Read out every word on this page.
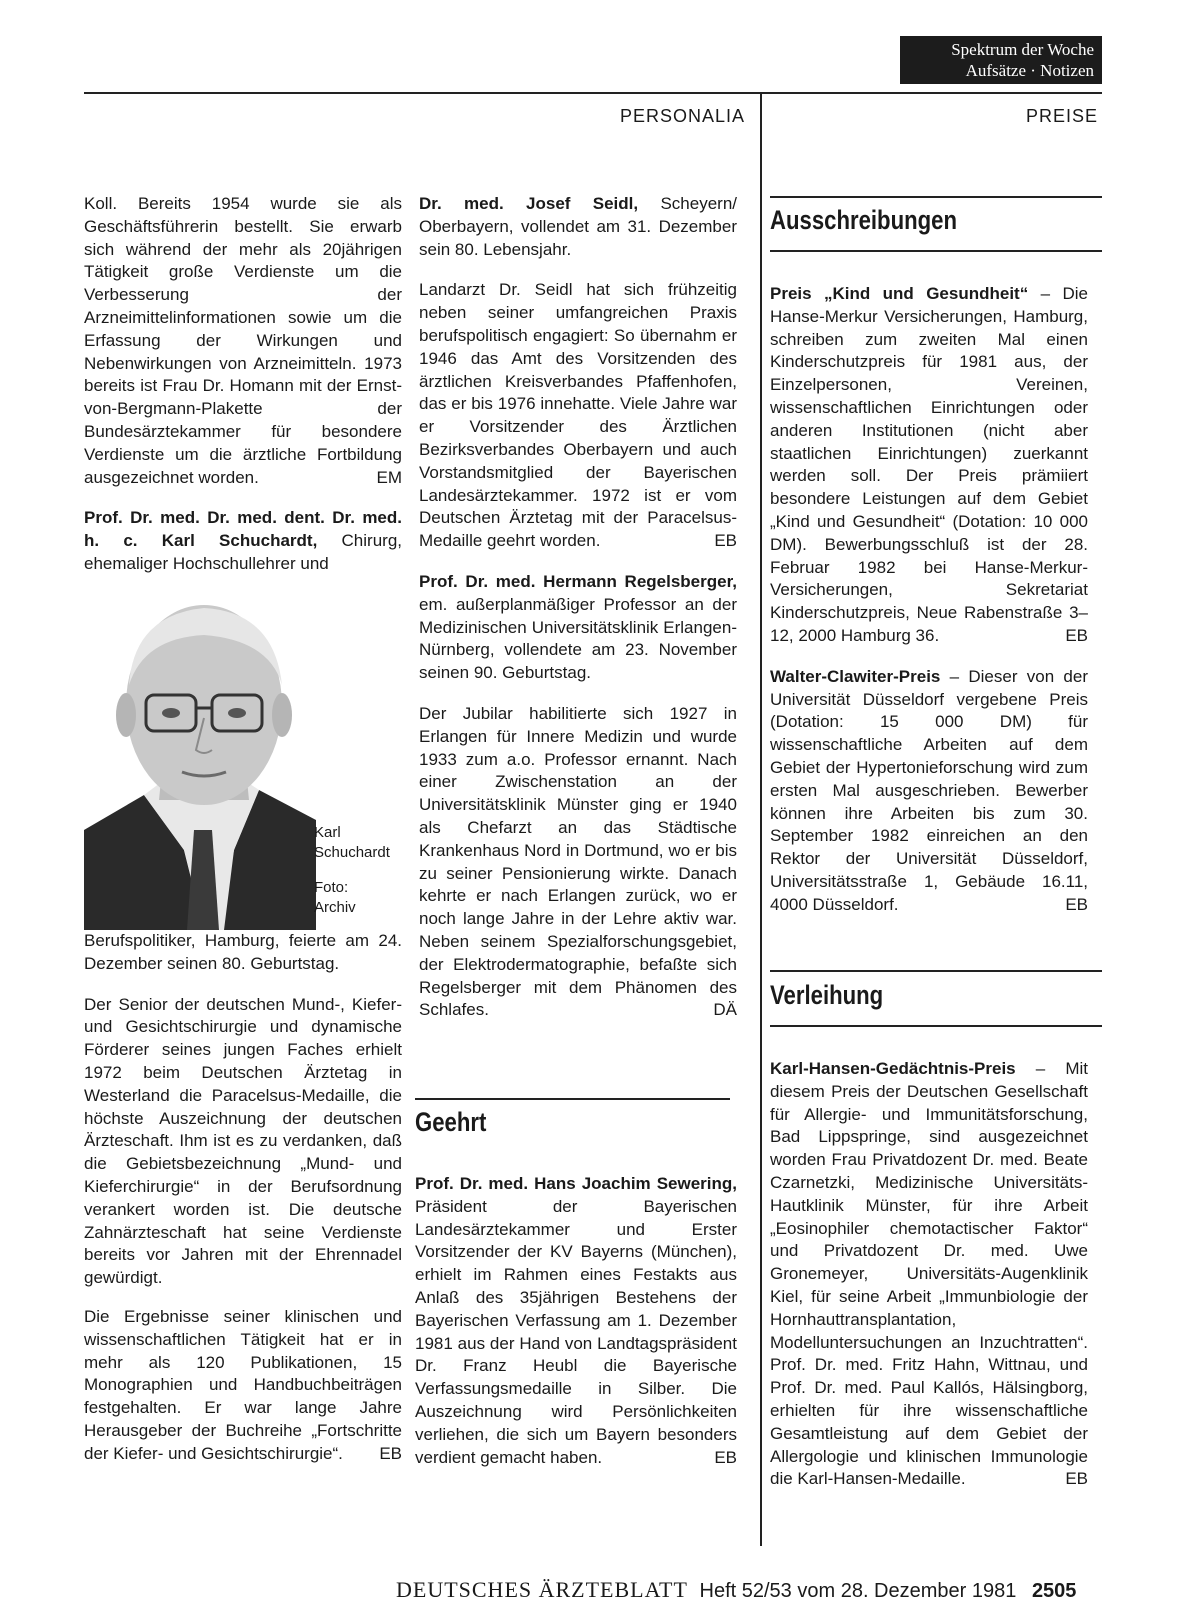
Spektrum der Woche
Aufsätze · Notizen
PERSONALIA	PREISE

Koll. Bereits 1954 wurde sie als Geschäftsführerin bestellt. Sie erwarb sich während der mehr als 20jährigen Tätigkeit große Verdienste um die Verbesserung der Arzneimittelinformationen sowie um die Erfassung der Wirkungen und Nebenwirkungen von Arzneimitteln. 1973 bereits ist Frau Dr. Homann mit der Ernst-von-Bergmann-Plakette der Bundesärztekammer für besondere Verdienste um die ärztliche Fortbildung ausgezeichnet worden.	EM

Prof. Dr. med. Dr. med. dent. Dr. med. h. c. Karl Schuchardt, Chirurg, ehemaliger Hochschullehrer und

Karl Schuchardt
Foto: Archiv

Berufspolitiker, Hamburg, feierte am 24. Dezember seinen 80. Geburtstag.

Der Senior der deutschen Mund-, Kiefer- und Gesichtschirurgie und dynamische Förderer seines jungen Faches erhielt 1972 beim Deutschen Ärztetag in Westerland die Paracelsus-Medaille, die höchste Auszeichnung der deutschen Ärzteschaft. Ihm ist es zu verdanken, daß die Gebietsbezeichnung „Mund- und Kieferchirurgie“ in der Berufsordnung verankert worden ist. Die deutsche Zahnärzteschaft hat seine Verdienste bereits vor Jahren mit der Ehrennadel gewürdigt.

Die Ergebnisse seiner klinischen und wissenschaftlichen Tätigkeit hat er in mehr als 120 Publikationen, 15 Monographien und Handbuchbeiträgen festgehalten. Er war lange Jahre Herausgeber der Buchreihe „Fortschritte der Kiefer- und Gesichtschirurgie“. EB

Dr. med. Josef Seidl, Scheyern/ Oberbayern, vollendet am 31. Dezember sein 80. Lebensjahr.

Landarzt Dr. Seidl hat sich frühzeitig neben seiner umfangreichen Praxis berufspolitisch engagiert: So übernahm er 1946 das Amt des Vorsitzenden des ärztlichen Kreisverbandes Pfaffenhofen, das er bis 1976 innehatte. Viele Jahre war er Vorsitzender des Ärztlichen Bezirksverbandes Oberbayern und auch Vorstandsmitglied der Bayerischen Landesärztekammer. 1972 ist er vom Deutschen Ärztetag mit der Paracelsus-Medaille geehrt worden.	EB

Prof. Dr. med. Hermann Regelsberger, em. außerplanmäßiger Professor an der Medizinischen Universitätsklinik Erlangen-Nürnberg, vollendete am 23. November seinen 90. Geburtstag.

Der Jubilar habilitierte sich 1927 in Erlangen für Innere Medizin und wurde 1933 zum a.o. Professor ernannt. Nach einer Zwischenstation an der Universitätsklinik Münster ging er 1940 als Chefarzt an das Städtische Krankenhaus Nord in Dortmund, wo er bis zu seiner Pensionierung wirkte. Danach kehrte er nach Erlangen zurück, wo er noch lange Jahre in der Lehre aktiv war. Neben seinem Spezialforschungsgebiet, der Elektrodermatographie, befaßte sich Regelsberger mit dem Phänomen des Schlafes.	DÄ

Geehrt

Prof. Dr. med. Hans Joachim Sewering, Präsident der Bayerischen Landesärztekammer und Erster Vorsitzender der KV Bayerns (München), erhielt im Rahmen eines Festakts aus Anlaß des 35jährigen Bestehens der Bayerischen Verfassung am 1. Dezember 1981 aus der Hand von Landtagspräsident Dr. Franz Heubl die Bayerische Verfassungsmedaille in Silber. Die Auszeichnung wird Persönlichkeiten verliehen, die sich um Bayern besonders verdient gemacht haben.	EB

Ausschreibungen

Preis „Kind und Gesundheit“ – Die Hanse-Merkur Versicherungen, Hamburg, schreiben zum zweiten Mal einen Kinderschutzpreis für 1981 aus, der Einzelpersonen, Vereinen, wissenschaftlichen Einrichtungen oder anderen Institutionen (nicht aber staatlichen Einrichtungen) zuerkannt werden soll. Der Preis prämiiert besondere Leistungen auf dem Gebiet „Kind und Gesundheit“ (Dotation: 10 000 DM). Bewerbungsschluß ist der 28. Februar 1982 bei Hanse-Merkur-Versicherungen, Sekretariat Kinderschutzpreis, Neue Rabenstraße 3–12, 2000 Hamburg 36.	EB

Walter-Clawiter-Preis – Dieser von der Universität Düsseldorf vergebene Preis (Dotation: 15 000 DM) für wissenschaftliche Arbeiten auf dem Gebiet der Hypertonieforschung wird zum ersten Mal ausgeschrieben. Bewerber können ihre Arbeiten bis zum 30. September 1982 einreichen an den Rektor der Universität Düsseldorf, Universitätsstraße 1, Gebäude 16.11, 4000 Düsseldorf.	EB

Verleihung

Karl-Hansen-Gedächtnis-Preis – Mit diesem Preis der Deutschen Gesellschaft für Allergie- und Immunitätsforschung, Bad Lippspringe, sind ausgezeichnet worden Frau Privatdozent Dr. med. Beate Czarnetzki, Medizinische Universitäts-Hautklinik Münster, für ihre Arbeit „Eosinophiler chemotactischer Faktor“ und Privatdozent Dr. med. Uwe Gronemeyer, Universitäts-Augenklinik Kiel, für seine Arbeit „Immunbiologie der Hornhauttransplantation, Modelluntersuchungen an Inzuchtratten“. Prof. Dr. med. Fritz Hahn, Wittnau, und Prof. Dr. med. Paul Kallós, Hälsingborg, erhielten für ihre wissenschaftliche Gesamtleistung auf dem Gebiet der Allergologie und klinischen Immunologie die Karl-Hansen-Medaille.	EB

DEUTSCHES ÄRZTEBLATT Heft 52/53 vom 28. Dezember 1981 2505
